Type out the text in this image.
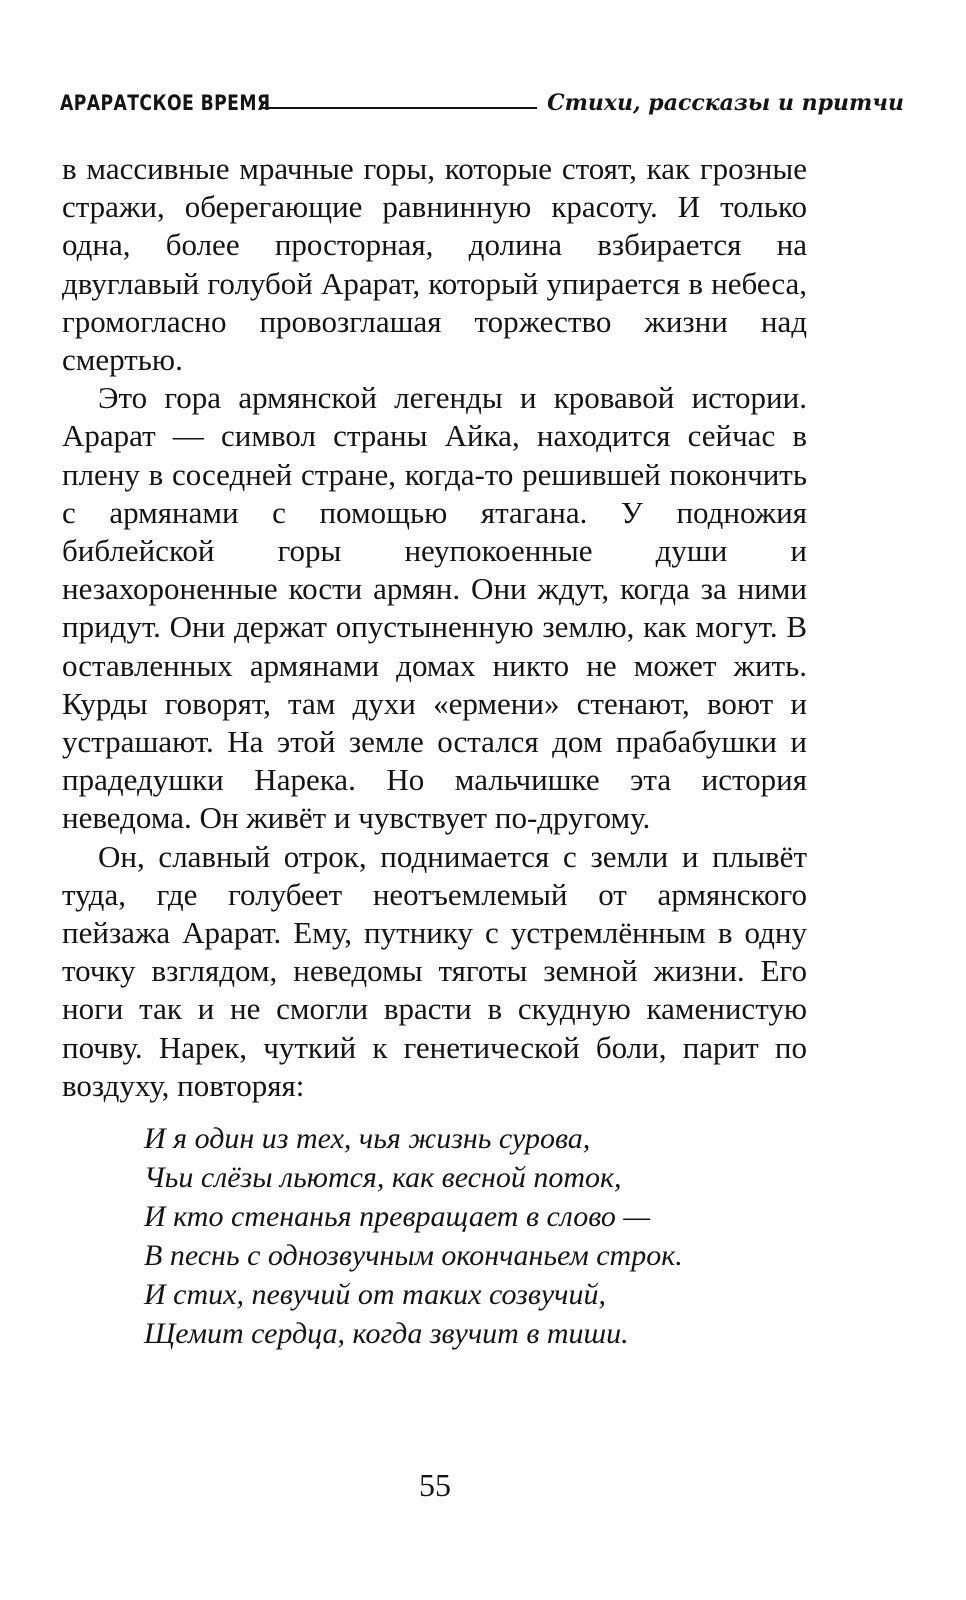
АРАРАТСКОЕ ВРЕМЯ	Стихи, рассказы и притчи

в массивные мрачные горы, которые стоят, как грозные стражи, оберегающие равнинную красоту. И только одна, более просторная, долина взбирается на двуглавый голубой Арарат, который упирается в небеса, громогласно провозглашая торжество жизни над смертью.

Это гора армянской легенды и кровавой истории. Арарат — символ страны Айка, находится сейчас в плену в соседней стране, когда-то решившей покончить с армянами с помощью ятагана. У подножия библейской горы неупокоенные души и незахороненные кости армян. Они ждут, когда за ними придут. Они держат опустыненную землю, как могут. В оставленных армянами домах никто не может жить. Курды говорят, там духи «ермени» стенают, воют и устрашают. На этой земле остался дом прабабушки и прадедушки Нарека. Но мальчишке эта история неведома. Он живёт и чувствует по-другому.

Он, славный отрок, поднимается с земли и плывёт туда, где голубеет неотъемлемый от армянского пейзажа Арарат. Ему, путнику с устремлённым в одну точку взглядом, неведомы тяготы земной жизни. Его ноги так и не смогли врасти в скудную каменистую почву. Нарек, чуткий к генетической боли, парит по воздуху, повторяя:

И я один из тех, чья жизнь сурова,
Чьи слёзы льются, как весной поток,
И кто стенанья превращает в слово —
В песнь с однозвучным окончаньем строк.
И стих, певучий от таких созвучий,
Щемит сердца, когда звучит в тиши.
55
